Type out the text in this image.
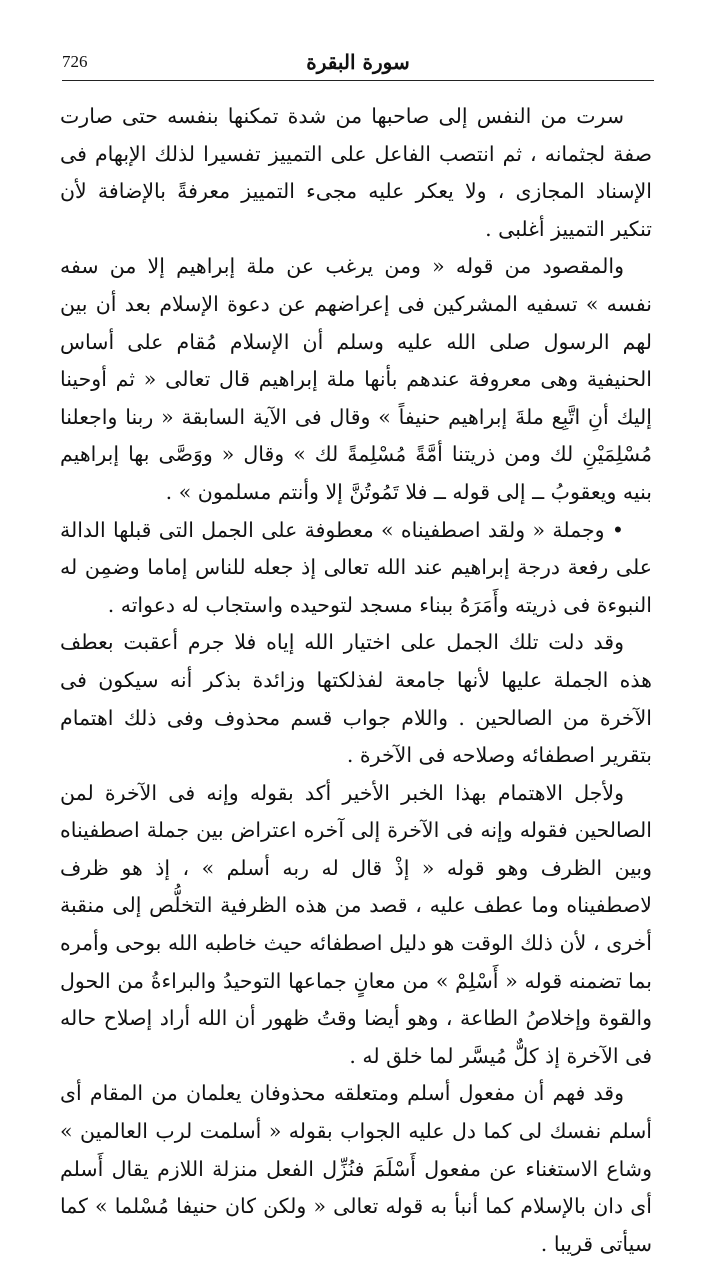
726	سورة البقرة

سرت من النفس إلى صاحبها من شدة تمكنها بنفسه حتى صارت صفة لجثمانه ، ثم انتصب الفاعل على التمييز تفسيرا لذلك الإبهام فى الإسناد المجازى ، ولا يعكر عليه مجىء التمييز معرفةً بالإضافة لأن تنكير التمييز أغلبى .

والمقصود من قوله « ومن يرغب عن ملة إبراهيم إلا من سفه نفسه » تسفيه المشركين فى إعراضهم عن دعوة الإسلام بعد أن بين لهم الرسول صلى الله عليه وسلم أن الإسلام مُقام على أساس الحنيفية وهى معروفة عندهم بأنها ملة إبراهيم قال تعالى « ثم أوحينا إليك أنِ اتَّبِع ملةَ إبراهيم حنيفاً » وقال فى الآية السابقة « ربنا واجعلنا مُسْلِمَيْنِ لك ومن ذريتنا أمَّةً مُسْلِمةً لك » وقال « ووَصَّى بها إبراهيم بنيه ويعقوبُ ــ إلى قوله ــ فلا تَمُوتُنَّ إلا وأنتم مسلمون » .

• وجملة « ولقد اصطفيناه » معطوفة على الجمل التى قبلها الدالة على رفعة درجة إبراهيم عند الله تعالى إذ جعله للناس إماما وضمِن له النبوءة فى ذريته وأَمَرَهُ ببناء مسجد لتوحيده واستجاب له دعواته .

وقد دلت تلك الجمل على اختيار الله إياه فلا جرم أعقبت بعطف هذه الجملة عليها لأنها جامعة لفذلكتها وزائدة بذكر أنه سيكون فى الآخرة من الصالحين . واللام جواب قسم محذوف وفى ذلك اهتمام بتقرير اصطفائه وصلاحه فى الآخرة .

ولأجل الاهتمام بهذا الخبر الأخير أكد بقوله وإنه فى الآخرة لمن الصالحين فقوله وإنه فى الآخرة إلى آخره اعتراض بين جملة اصطفيناه وبين الظرف وهو قوله « إذْ قال له ربه أسلم » ، إذ هو ظرف لاصطفيناه وما عطف عليه ، قصد من هذه الظرفية التخلُّص إلى منقبة أخرى ، لأن ذلك الوقت هو دليل اصطفائه حيث خاطبه الله بوحى وأمره بما تضمنه قوله « أَسْلِمْ » من معانٍ جماعها التوحيدُ والبراءةُ من الحول والقوة وإخلاصُ الطاعة ، وهو أيضا وقتُ ظهور أن الله أراد إصلاح حاله فى الآخرة إذ كلٌّ مُيسَّر لما خلق له .

وقد فهم أن مفعول أسلم ومتعلقه محذوفان يعلمان من المقام أى أسلم نفسك لى كما دل عليه الجواب بقوله « أسلمت لرب العالمين » وشاع الاستغناء عن مفعول أَسْلَمَ فنُزِّل الفعل منزلة اللازم يقال أَسلم أى دان بالإسلام كما أنبأ به قوله تعالى « ولكن كان حنيفا مُسْلما » كما سيأتى قريبا .
